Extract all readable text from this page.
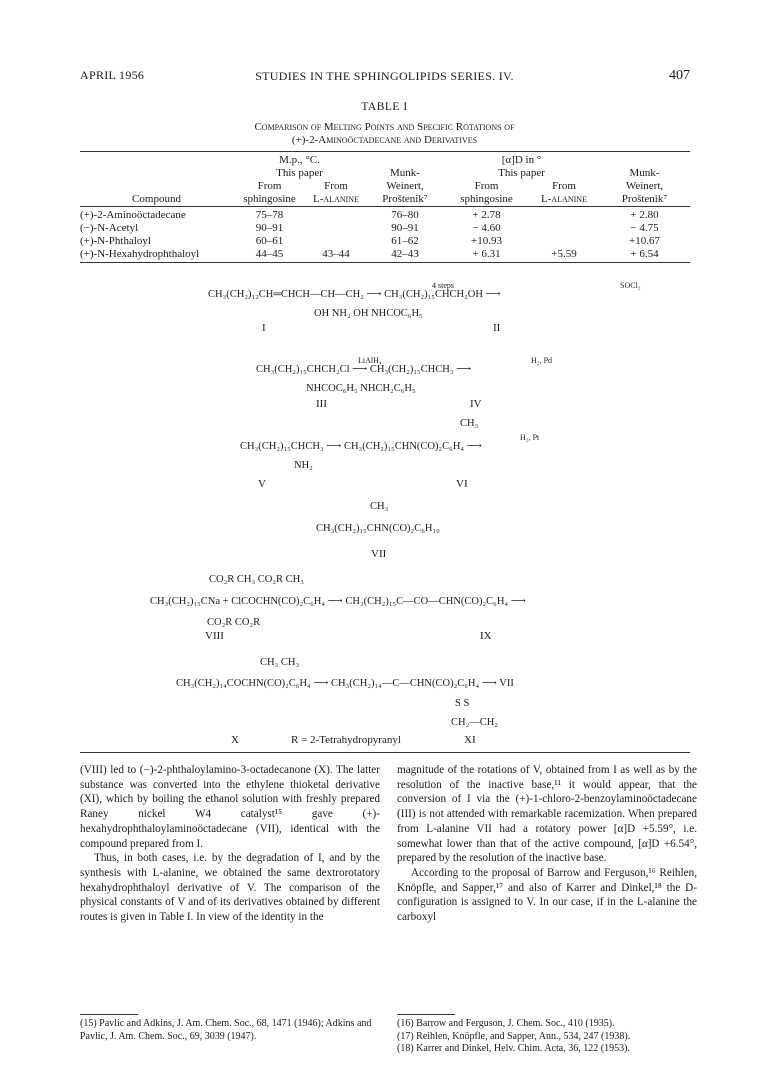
APRIL 1956	STUDIES IN THE SPHINGOLIPIDS SERIES. IV.	407
TABLE I
Comparison of Melting Points and Specific Rotations of
(+)-2-Aminoöctadecane and Derivatives
	M.p., °C.			[α]D in °		
	This paper		Munk-	This paper		Munk-
	From	From	Weinert,	From	From	Weinert,
Compound	sphingosine	L-alanine	Proštenik⁷	sphingosine	L-alanine	Proštenik⁷

(+)-2-Aminoöctadecane	75–78		76–80	+ 2.78		+ 2.80
(−)-N-Acetyl	90–91		90–91	− 4.60		− 4.75
(+)-N-Phthaloyl	60–61		61–62	+10.93		+10.67
(+)-N-Hexahydrophthaloyl	44–45	43–44	42–43	+ 6.31	+5.59	+ 6.54
4 steps	SOCl₂
CH₃(CH₂)₁₂CH═CHCH—CH—CH₂ ⟶ CH₃(CH₂)₁₅CHCH₂OH ⟶
OH NH₂ OH NHCOC₆H₅
I	II
LiAlH₄	H₂, Pd
CH₃(CH₂)₁₅CHCH₂Cl ⟶ CH₃(CH₂)₁₅CHCH₃ ⟶
NHCOC₆H₅ NHCH₂C₆H₅
III	IV
CH₃
H₂, Pt
CH₃(CH₂)₁₅CHCH₃ ⟶ CH₃(CH₂)₁₅CHN(CO)₂C₆H₄ ⟶
NH₂
V	VI
CH₃
CH₃(CH₂)₁₅CHN(CO)₂C₆H₁₀
VII
CO₂R CH₃ CO₂R CH₃
CH₃(CH₂)₁₅CNa + ClCOCHN(CO)₂C₆H₄ ⟶ CH₃(CH₂)₁₅C—CO—CHN(CO)₂C₆H₄ ⟶
CO₂R CO₂R
VIII	IX
CH₃ CH₃
CH₃(CH₂)₁₄COCHN(CO)₂C₆H₄ ⟶ CH₃(CH₂)₁₄—C—CHN(CO)₂C₆H₄ ⟶ VII
S S
CH₂—CH₂
X	R = 2-Tetrahydropyranyl	XI

(VIII) led to (−)-2-phthaloylamino-3-octadecanone (X). The latter substance was converted into the ethylene thioketal derivative (XI), which by boiling the ethanol solution with freshly prepared Raney nickel W4 catalyst¹⁵ gave (+)-hexahydrophthaloylaminoöctadecane (VII), identical with the compound prepared from I.

Thus, in both cases, i.e. by the degradation of I, and by the synthesis with L-alanine, we obtained the same dextrorotatory hexahydrophthaloyl derivative of V. The comparison of the physical constants of V and of its derivatives obtained by different routes is given in Table I. In view of the identity in the

magnitude of the rotations of V, obtained from I as well as by the resolution of the inactive base,¹¹ it would appear, that the conversion of I via the (+)-1-chloro-2-benzoylaminoöctadecane (III) is not attended with remarkable racemization. When prepared from L-alanine VII had a rotatory power [α]D +5.59°, i.e. somewhat lower than that of the active compound, [α]D +6.54°, prepared by the resolution of the inactive base.

According to the proposal of Barrow and Ferguson,¹⁶ Reihlen, Knöpfle, and Sapper,¹⁷ and also of Karrer and Dinkel,¹⁸ the D-configuration is assigned to V. In our case, if in the L-alanine the carboxyl

(15) Pavlic and Adkins, J. Am. Chem. Soc., 68, 1471 (1946); Adkins and Pavlic, J. Am. Chem. Soc., 69, 3039 (1947).
(16) Barrow and Ferguson, J. Chem. Soc., 410 (1935).
(17) Reihlen, Knöpfle, and Sapper, Ann., 534, 247 (1938).
(18) Karrer and Dinkel, Helv. Chim. Acta, 36, 122 (1953).
